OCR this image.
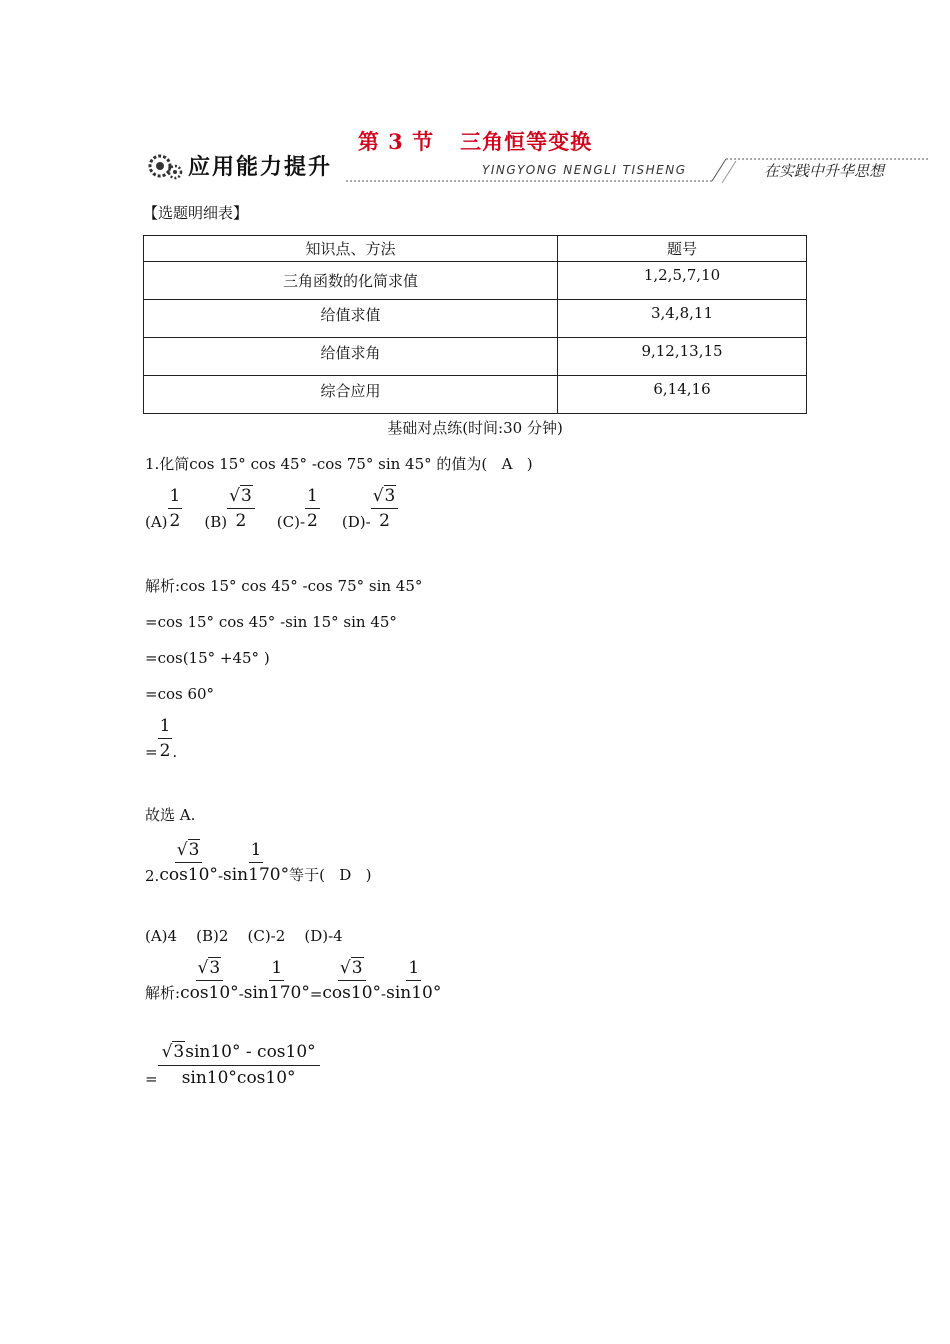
第 3 节 三角恒等变换
应用能力提升	YINGYONG NENGLI TISHENG	在实践中升华思想
【选题明细表】
知识点、方法	题号
三角函数的化简求值	1,2,5,7,10
给值求值	3,4,8,11
给值求角	9,12,13,15
综合应用	6,14,16
基础对点练(时间:30 分钟)
1.化简cos 15° cos 45° -cos 75° sin 45° 的值为(   A   )
$(A) \frac{1}{2} (B) \frac{√3}{2} (C) - \frac{1}{2} (D) - \frac{√3}{2}$
解析:cos 15° cos 45° -cos 75° sin 45°
=cos 15° cos 45° -sin 15° sin 45°
=cos(15° +45° )
=cos 60°
= $\frac{1}{2}$ .
故选 A.
2. $\frac{√3}{\cos 10^\circ} - \frac{1}{\sin 170^\circ}$ 等于(   D   )
(A)4    (B)2    (C)-2    (D)-4
解析: $\frac{√3}{\cos 10^\circ} - \frac{1}{\sin 170^\circ} = \frac{√3}{\cos 10^\circ} - \frac{1}{\sin 10^\circ}$
= $\frac{√3\sin 10^\circ - \cos 10^\circ}{\sin 10^\circ\cos 10^\circ}$
